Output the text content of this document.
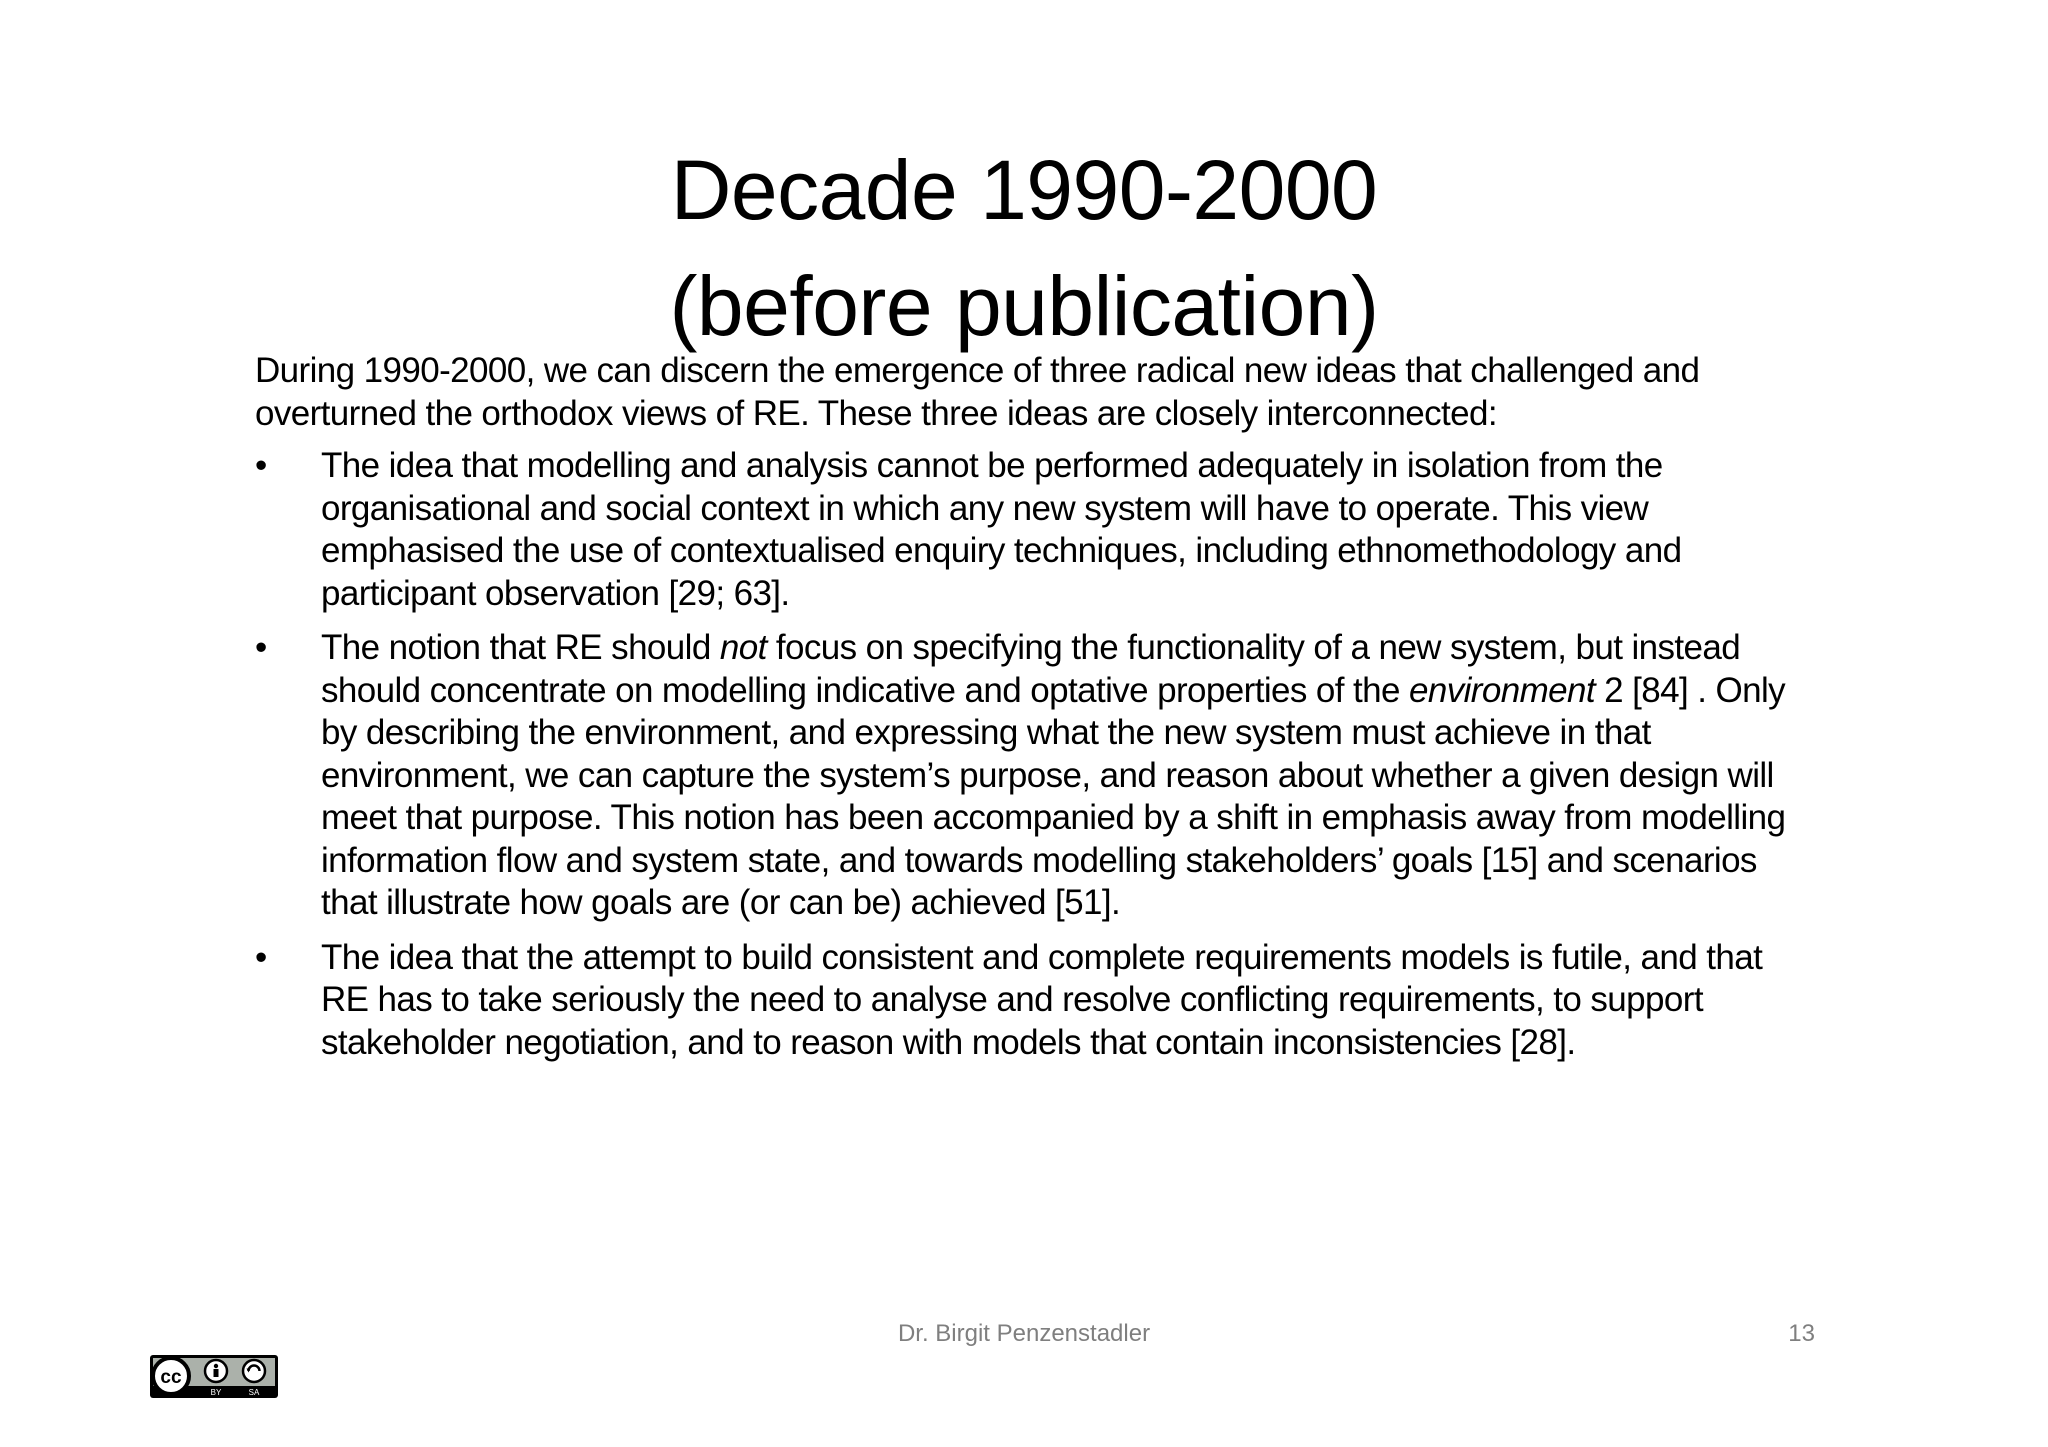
Decade 1990-2000
(before publication)

During 1990-2000, we can discern the emergence of three radical new ideas that challenged and overturned the orthodox views of RE. These three ideas are closely interconnected:

•	The idea that modelling and analysis cannot be performed adequately in isolation from the organisational and social context in which any new system will have to operate. This view emphasised the use of contextualised enquiry techniques, including ethnomethodology and participant observation [29; 63].
•	The notion that RE should not focus on specifying the functionality of a new system, but instead should concentrate on modelling indicative and optative properties of the environment 2 [84] . Only by describing the environment, and expressing what the new system must achieve in that environment, we can capture the system’s purpose, and reason about whether a given design will meet that purpose. This notion has been accompanied by a shift in emphasis away from modelling information flow and system state, and towards modelling stakeholders’ goals [15] and scenarios that illustrate how goals are (or can be) achieved [51].
•	The idea that the attempt to build consistent and complete requirements models is futile, and that RE has to take seriously the need to analyse and resolve conflicting requirements, to support stakeholder negotiation, and to reason with models that contain inconsistencies [28].
Dr. Birgit Penzenstadler	13
cc
BY	SA
